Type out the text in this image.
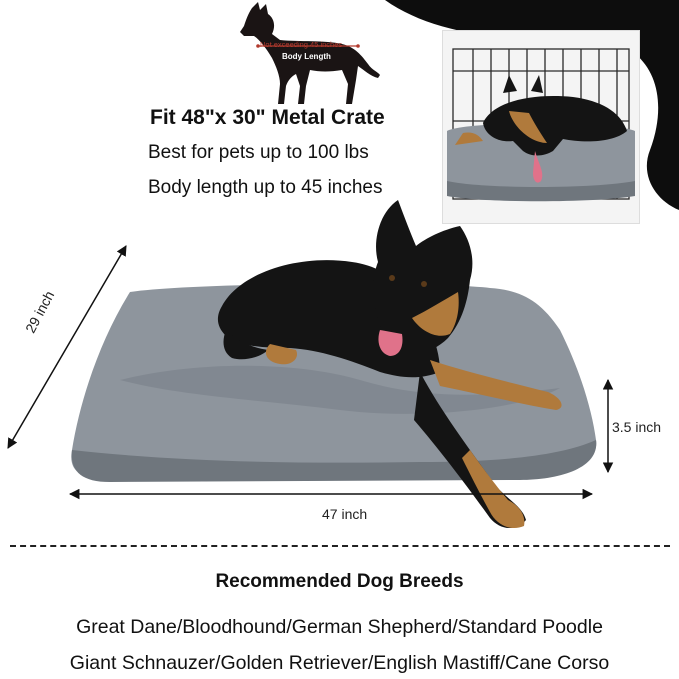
Not exceeding 45 inches
Body Length
Fit 48"x 30" Metal Crate
Best for pets up to 100 lbs
Body length up to 45 inches
29 inch
3.5 inch
47 inch
Recommended Dog Breeds
Great Dane/Bloodhound/German Shepherd/Standard Poodle
Giant Schnauzer/Golden Retriever/English Mastiff/Cane Corso
